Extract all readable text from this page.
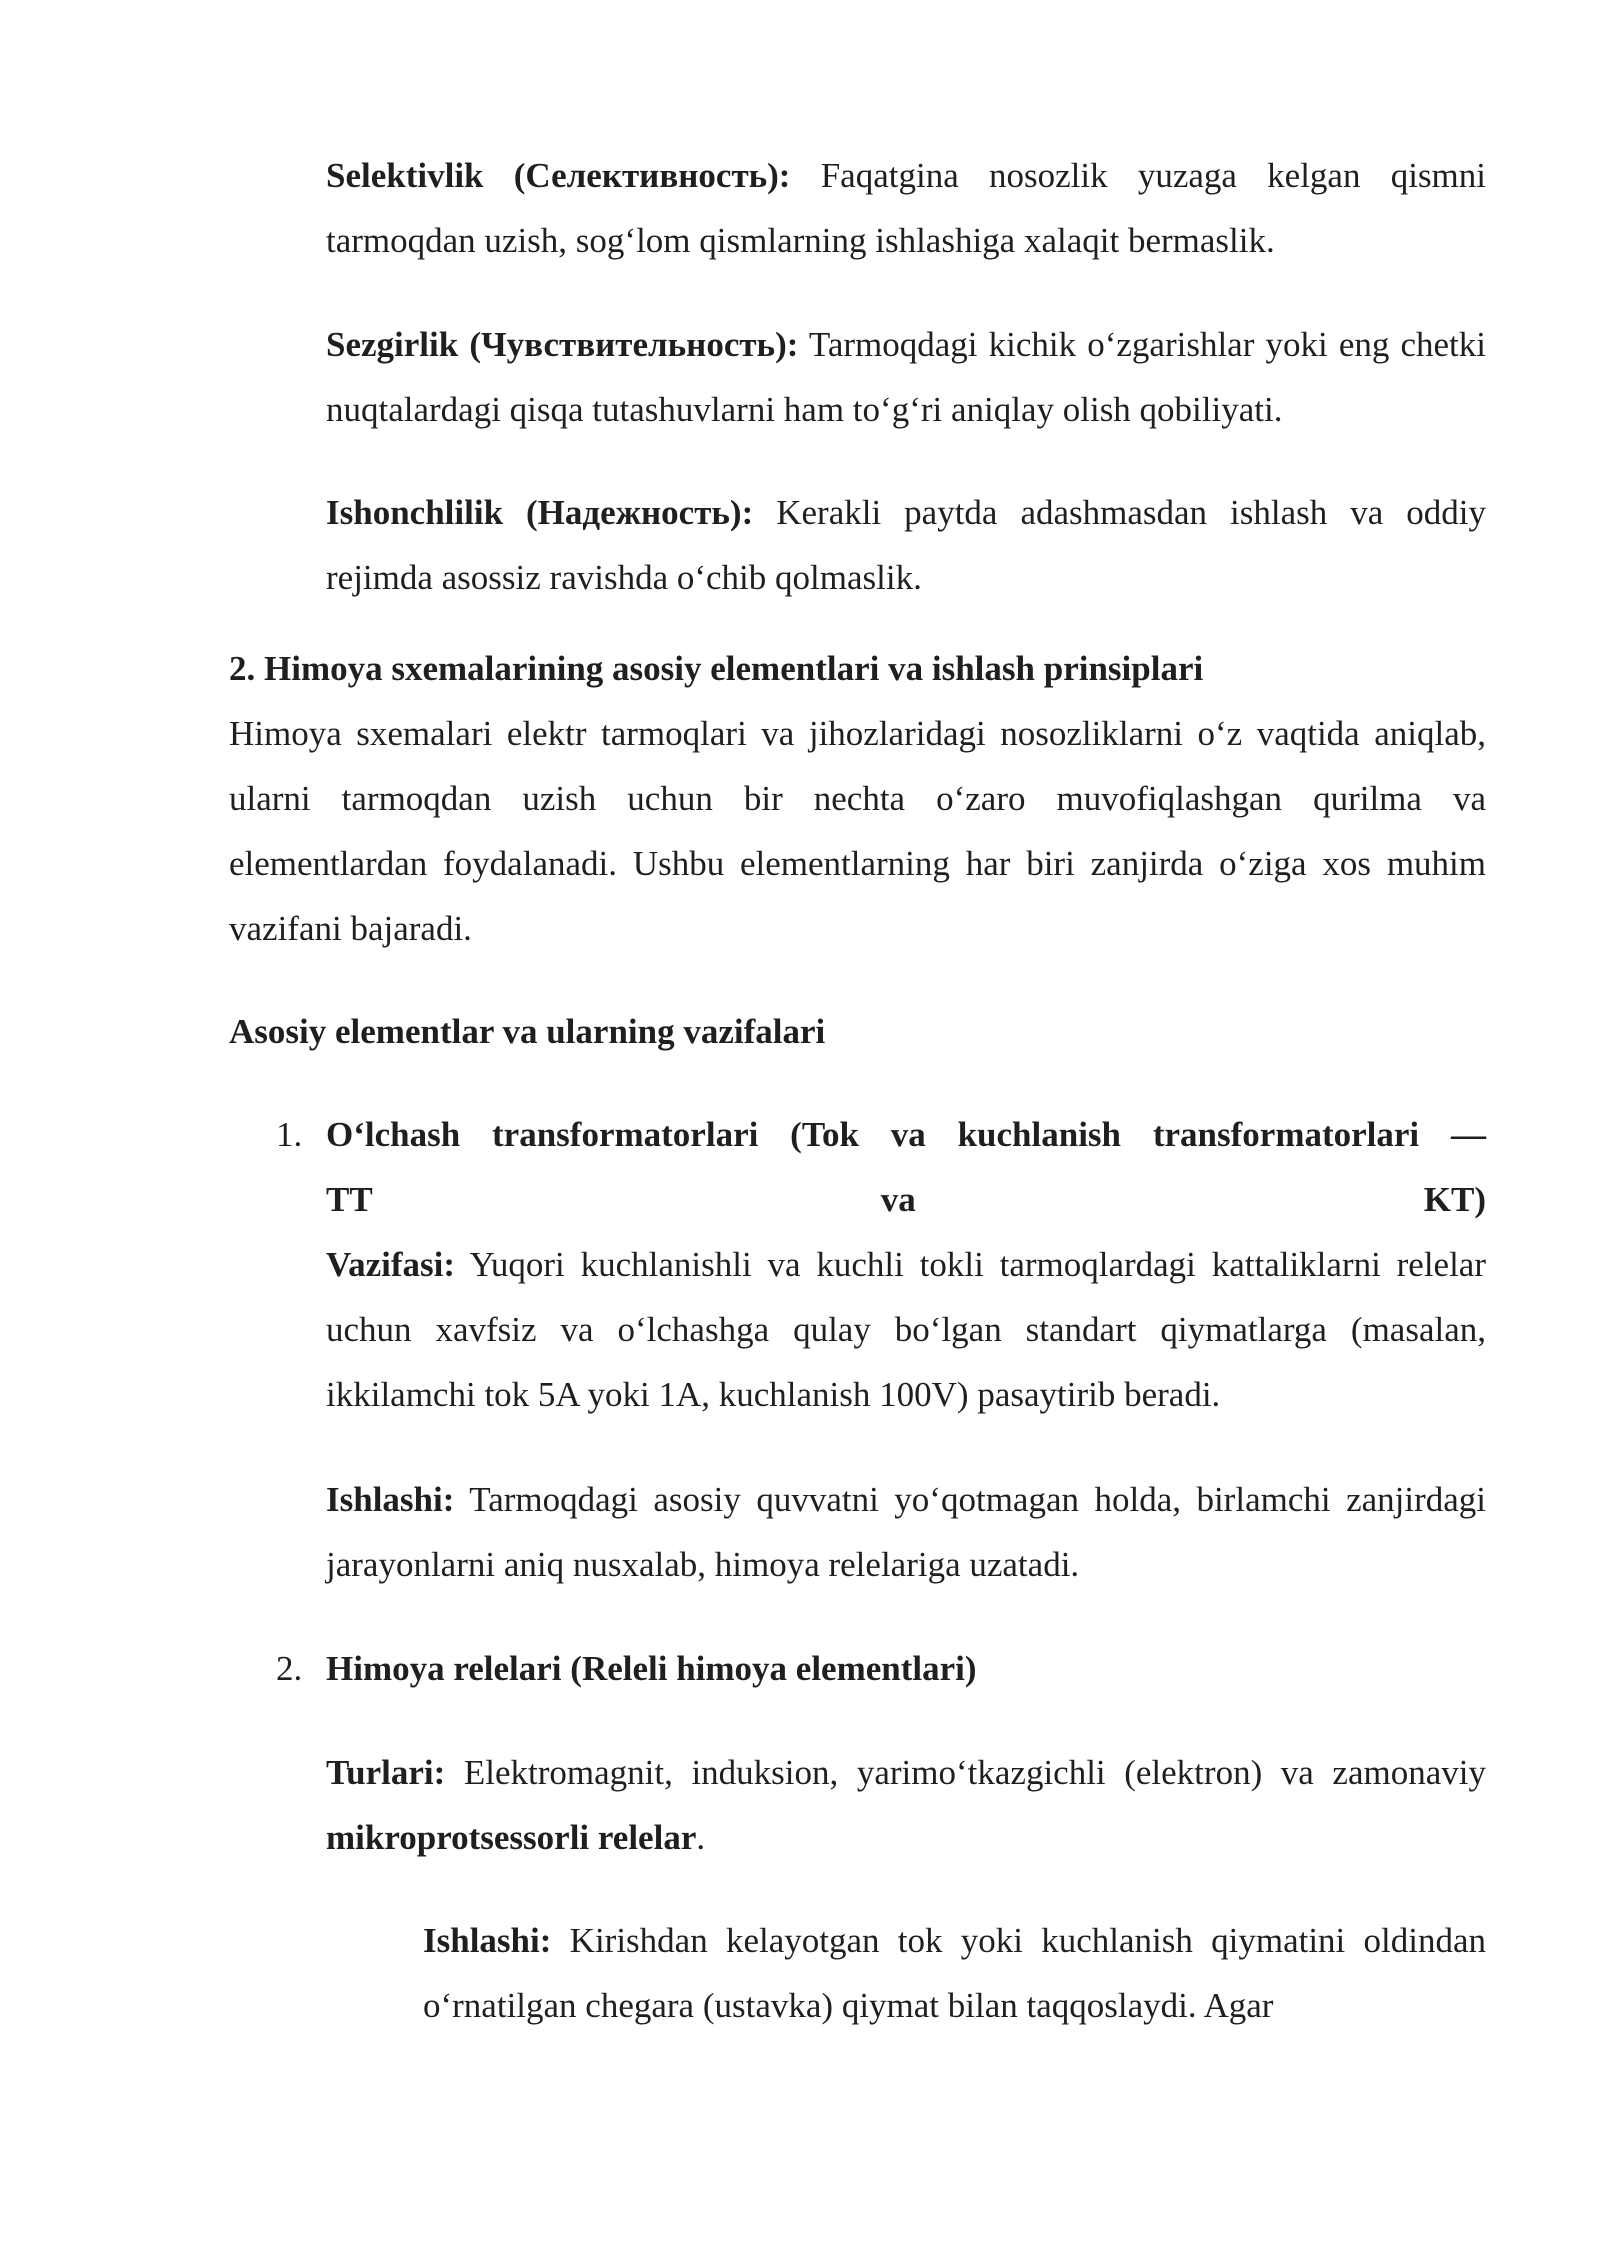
Selektivlik (Селективность): Faqatgina nosozlik yuzaga kelgan qismni tarmoqdan uzish, sog‘lom qismlarning ishlashiga xalaqit bermaslik.

Sezgirlik (Чувствительность): Tarmoqdagi kichik o‘zgarishlar yoki eng chetki nuqtalardagi qisqa tutashuvlarni ham to‘g‘ri aniqlay olish qobiliyati.

Ishonchlilik (Надежность): Kerakli paytda adashmasdan ishlash va oddiy rejimda asossiz ravishda o‘chib qolmaslik.

2. Himoya sxemalarining asosiy elementlari va ishlash prinsiplari

Himoya sxemalari elektr tarmoqlari va jihozlaridagi nosozliklarni o‘z vaqtida aniqlab, ularni tarmoqdan uzish uchun bir nechta o‘zaro muvofiqlashgan qurilma va elementlardan foydalanadi. Ushbu elementlarning har biri zanjirda o‘ziga xos muhim vazifani bajaradi.

Asosiy elementlar va ularning vazifalari

1. O‘lchash transformatorlari (Tok va kuchlanish transformatorlari —

TT	va	KT)

Vazifasi: Yuqori kuchlanishli va kuchli tokli tarmoqlardagi kattaliklarni relelar uchun xavfsiz va o‘lchashga qulay bo‘lgan standart qiymatlarga (masalan, ikkilamchi tok 5A yoki 1A, kuchlanish 100V) pasaytirib beradi.

Ishlashi: Tarmoqdagi asosiy quvvatni yo‘qotmagan holda, birlamchi zanjirdagi jarayonlarni aniq nusxalab, himoya relelariga uzatadi.

2. Himoya relelari (Releli himoya elementlari)

Turlari: Elektromagnit, induksion, yarimo‘tkazgichli (elektron) va zamonaviy mikroprotsessorli relelar.

Ishlashi: Kirishdan kelayotgan tok yoki kuchlanish qiymatini oldindan o‘rnatilgan chegara (ustavka) qiymat bilan taqqoslaydi. Agar
